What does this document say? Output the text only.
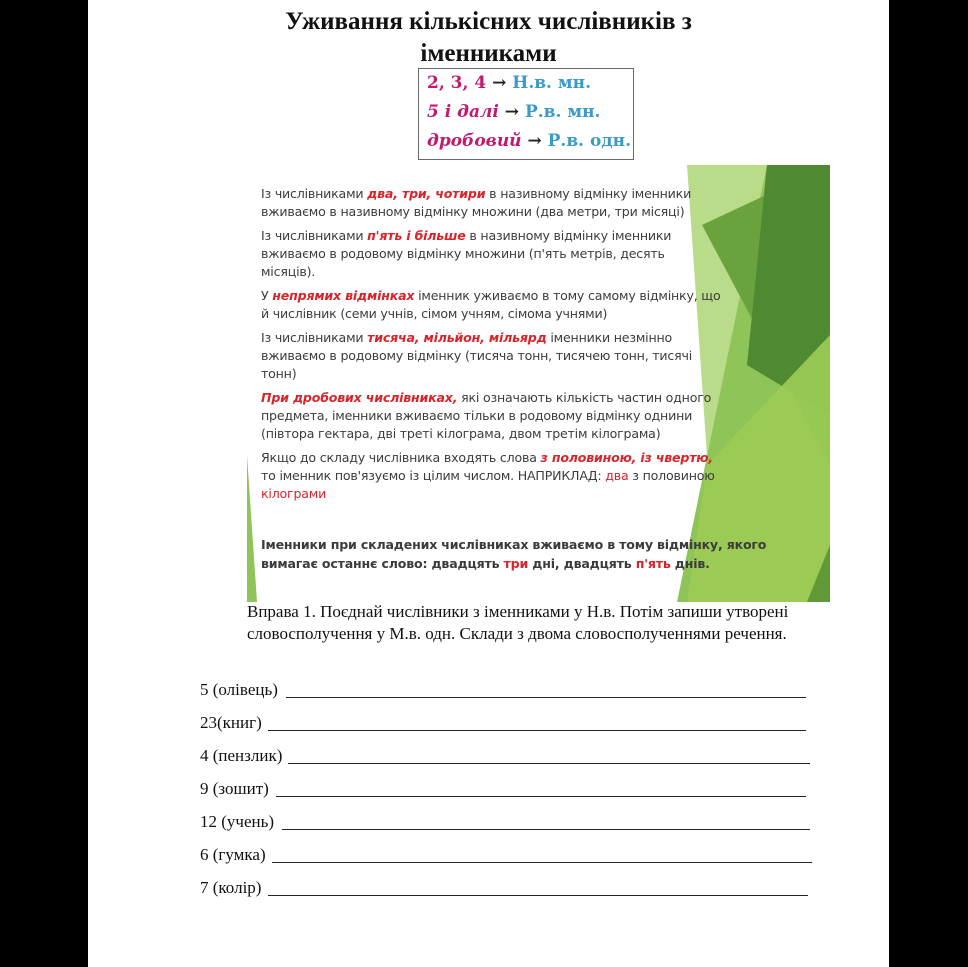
Уживання кількісних числівників з
іменниками
2, 3, 4 → Н.в. мн.
5 і далі → Р.в. мн.
дробовий → Р.в. одн.

Із числівниками два, три, чотири в називному відмінку іменники вживаємо в називному відмінку множини (два метри, три місяці)

Із числівниками п'ять і більше в називному відмінку іменники вживаємо в родовому відмінку множини (п'ять метрів, десять місяців).

У непрямих відмінках іменник уживаємо в тому самому відмінку, що й числівник (семи учнів, сімом учням, сімома учнями)

Із числівниками тисяча, мільйон, мільярд іменники незмінно вживаємо в родовому відмінку (тисяча тонн, тисячею тонн, тисячі тонн)

При дробових числівниках, які означають кількість частин одного предмета, іменники вживаємо тільки в родовому відмінку однини (півтора гектара, дві треті кілограма, двом третім кілограма)

Якщо до складу числівника входять слова з половиною, із чвертю, то іменник пов'язуємо із цілим числом. НАПРИКЛАД: два з половиною кілограми

Іменники при складених числівниках вживаємо в тому відмінку, якого вимагає останнє слово: двадцять три дні, двадцять п'ять днів.
Вправа 1. Поєднай числівники з іменниками у Н.в. Потім запиши утворені словосполучення у М.в. одн. Склади з двома словосполученнями речення.
5 (олівець)
23(книг)
4 (пензлик)
9 (зошит)
12 (учень)
6 (гумка)
7 (колір)
